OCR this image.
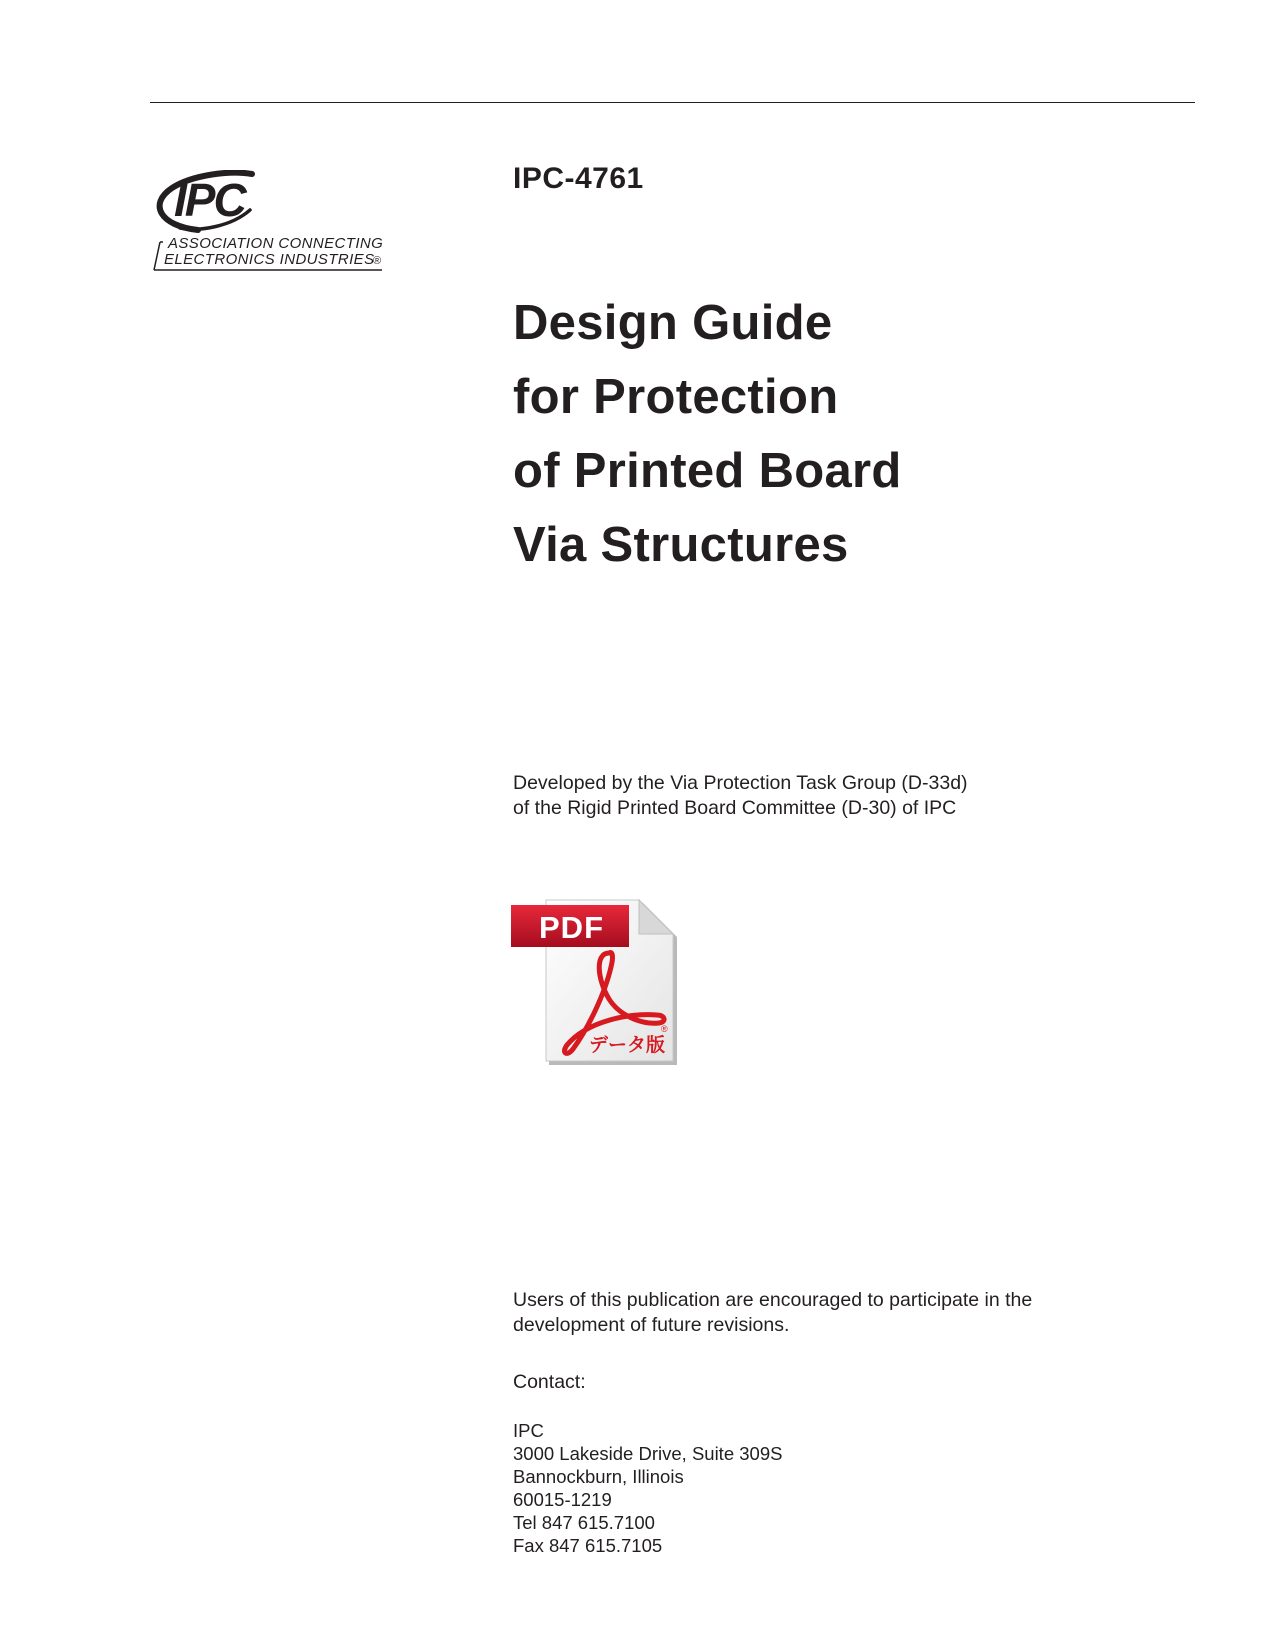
IPC
ASSOCIATION CONNECTING
ELECTRONICS INDUSTRIES
®
IPC-4761
Design Guide
for Protection
of Printed Board
Via Structures

Developed by the Via Protection Task Group (D-33d)
of the Rigid Printed Board Committee (D-30) of IPC

PDF
®
データ版

Users of this publication are encouraged to participate in the development of future revisions.

Contact:

IPC
3000 Lakeside Drive, Suite 309S
Bannockburn, Illinois
60015-1219
Tel 847 615.7100
Fax 847 615.7105
